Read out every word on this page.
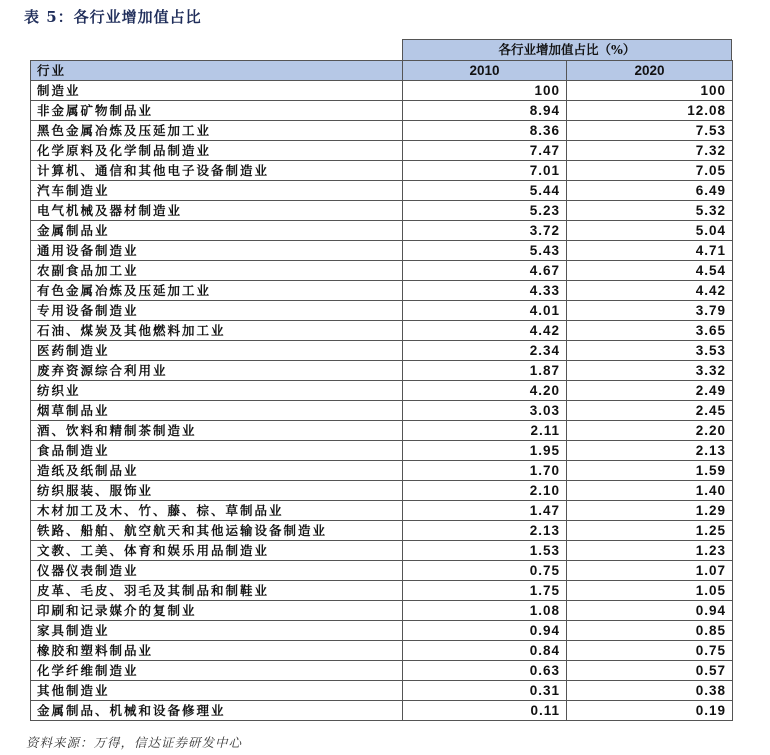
表 5：各行业增加值占比
各行业增加值占比（%）
行业	2010	2020
制造业	100	100
非金属矿物制品业	8.94	12.08
黑色金属冶炼及压延加工业	8.36	7.53
化学原料及化学制品制造业	7.47	7.32
计算机、通信和其他电子设备制造业	7.01	7.05
汽车制造业	5.44	6.49
电气机械及器材制造业	5.23	5.32
金属制品业	3.72	5.04
通用设备制造业	5.43	4.71
农副食品加工业	4.67	4.54
有色金属冶炼及压延加工业	4.33	4.42
专用设备制造业	4.01	3.79
石油、煤炭及其他燃料加工业	4.42	3.65
医药制造业	2.34	3.53
废弃资源综合利用业	1.87	3.32
纺织业	4.20	2.49
烟草制品业	3.03	2.45
酒、饮料和精制茶制造业	2.11	2.20
食品制造业	1.95	2.13
造纸及纸制品业	1.70	1.59
纺织服装、服饰业	2.10	1.40
木材加工及木、竹、藤、棕、草制品业	1.47	1.29
铁路、船舶、航空航天和其他运输设备制造业	2.13	1.25
文教、工美、体育和娱乐用品制造业	1.53	1.23
仪器仪表制造业	0.75	1.07
皮革、毛皮、羽毛及其制品和制鞋业	1.75	1.05
印刷和记录媒介的复制业	1.08	0.94
家具制造业	0.94	0.85
橡胶和塑料制品业	0.84	0.75
化学纤维制造业	0.63	0.57
其他制造业	0.31	0.38
金属制品、机械和设备修理业	0.11	0.19
资料来源：万得，信达证券研发中心
